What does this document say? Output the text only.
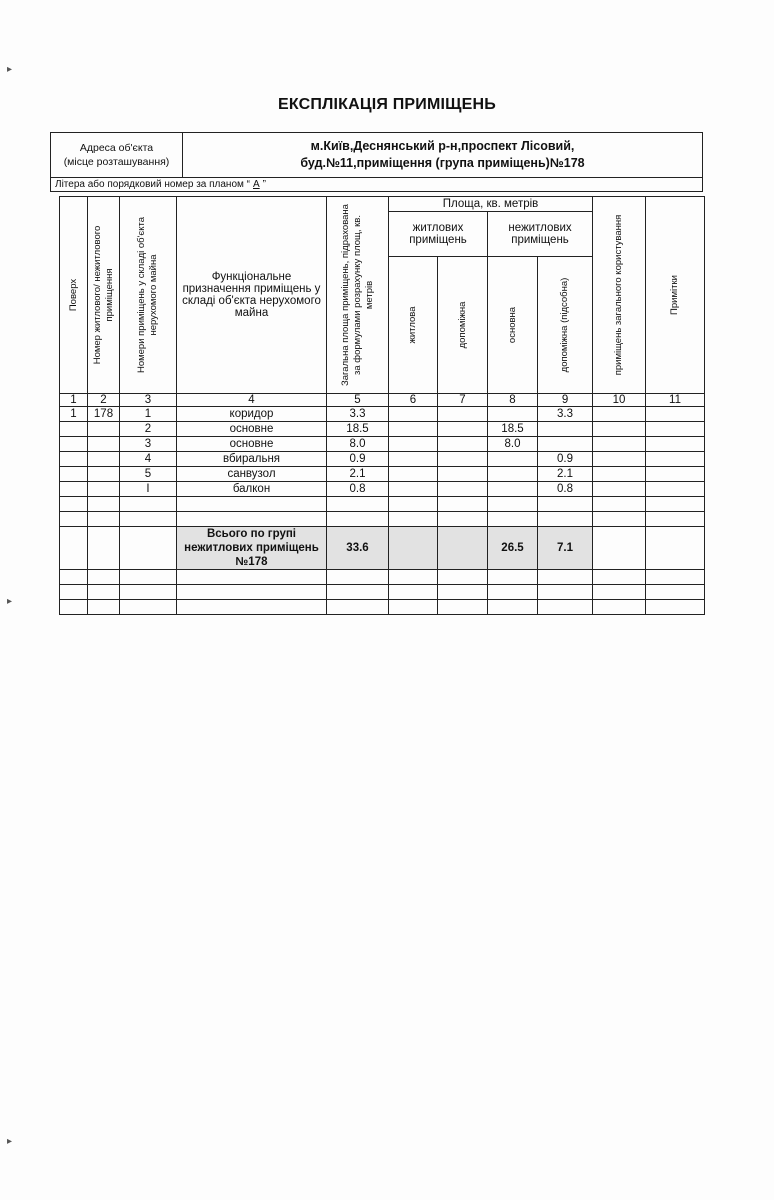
▸
▸
▸
ЕКСПЛІКАЦІЯ ПРИМІЩЕНЬ
Адреса об'єкта
(місце розташування)
м.Київ,Деснянський р-н,проспект Лісовий,
буд.№11,приміщення (група приміщень)№178
Літера або порядковий номер за планом “ А ”
Поверх	Номер житлового/ нежитлового приміщення	Номери приміщень у складі об'єкта нерухомого майна	Функціональне призначення приміщень у складі об'єкта нерухомого майна	Загальна площа приміщень, підрахована за формулами розрахунку площ, кв. метрів	Площа, кв. метрів				приміщень загального користування	Примітки

					житлових приміщень		нежитлових приміщень			

					житлова	допоміжна	основна	допоміжна (підсобна)		

1	2	3	4	5	6	7	8	9	10	11
1	178	1	коридор	3.3				3.3		
		2	основне	18.5			18.5			
		3	основне	8.0			8.0			
		4	вбиральня	0.9				0.9		
		5	санвузол	2.1				2.1		
		I	балкон	0.8				0.8		

			Всього по групі
нежитлових приміщень
№178	33.6			26.5	7.1		
